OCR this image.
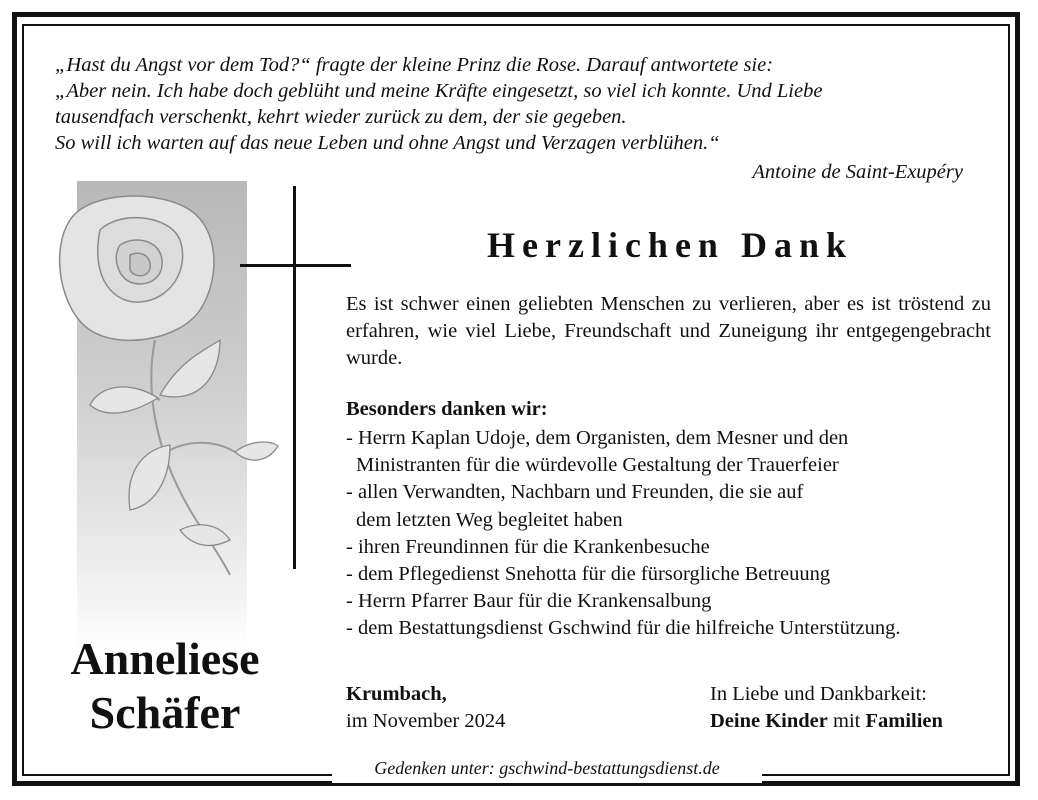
„Hast du Angst vor dem Tod?“ fragte der kleine Prinz die Rose. Darauf antwortete sie:
„Aber nein. Ich habe doch geblüht und meine Kräfte eingesetzt, so viel ich konnte. Und Liebe
tausendfach verschenkt, kehrt wieder zurück zu dem, der sie gegeben.
So will ich warten auf das neue Leben und ohne Angst und Verzagen verblühen.“
Antoine de Saint-Exupéry
Herzlichen Dank
Es ist schwer einen geliebten Menschen zu verlieren, aber es ist tröstend zu erfahren, wie viel Liebe, Freundschaft und Zuneigung ihr entgegengebracht wurde.
Besonders danken wir:
- Herrn Kaplan Udoje, dem Organisten, dem Mesner und den
Ministranten für die würdevolle Gestaltung der Trauerfeier
- allen Verwandten, Nachbarn und Freunden, die sie auf
dem letzten Weg begleitet haben
- ihren Freundinnen für die Krankenbesuche
- dem Pflegedienst Snehotta für die fürsorgliche Betreuung
- Herrn Pfarrer Baur für die Krankensalbung
- dem Bestattungsdienst Gschwind für die hilfreiche Unterstützung.
Anneliese
Schäfer	Krumbach,
im November 2024
In Liebe und Dankbarkeit:
Deine Kinder mit Familien
Gedenken unter: gschwind-bestattungsdienst.de
